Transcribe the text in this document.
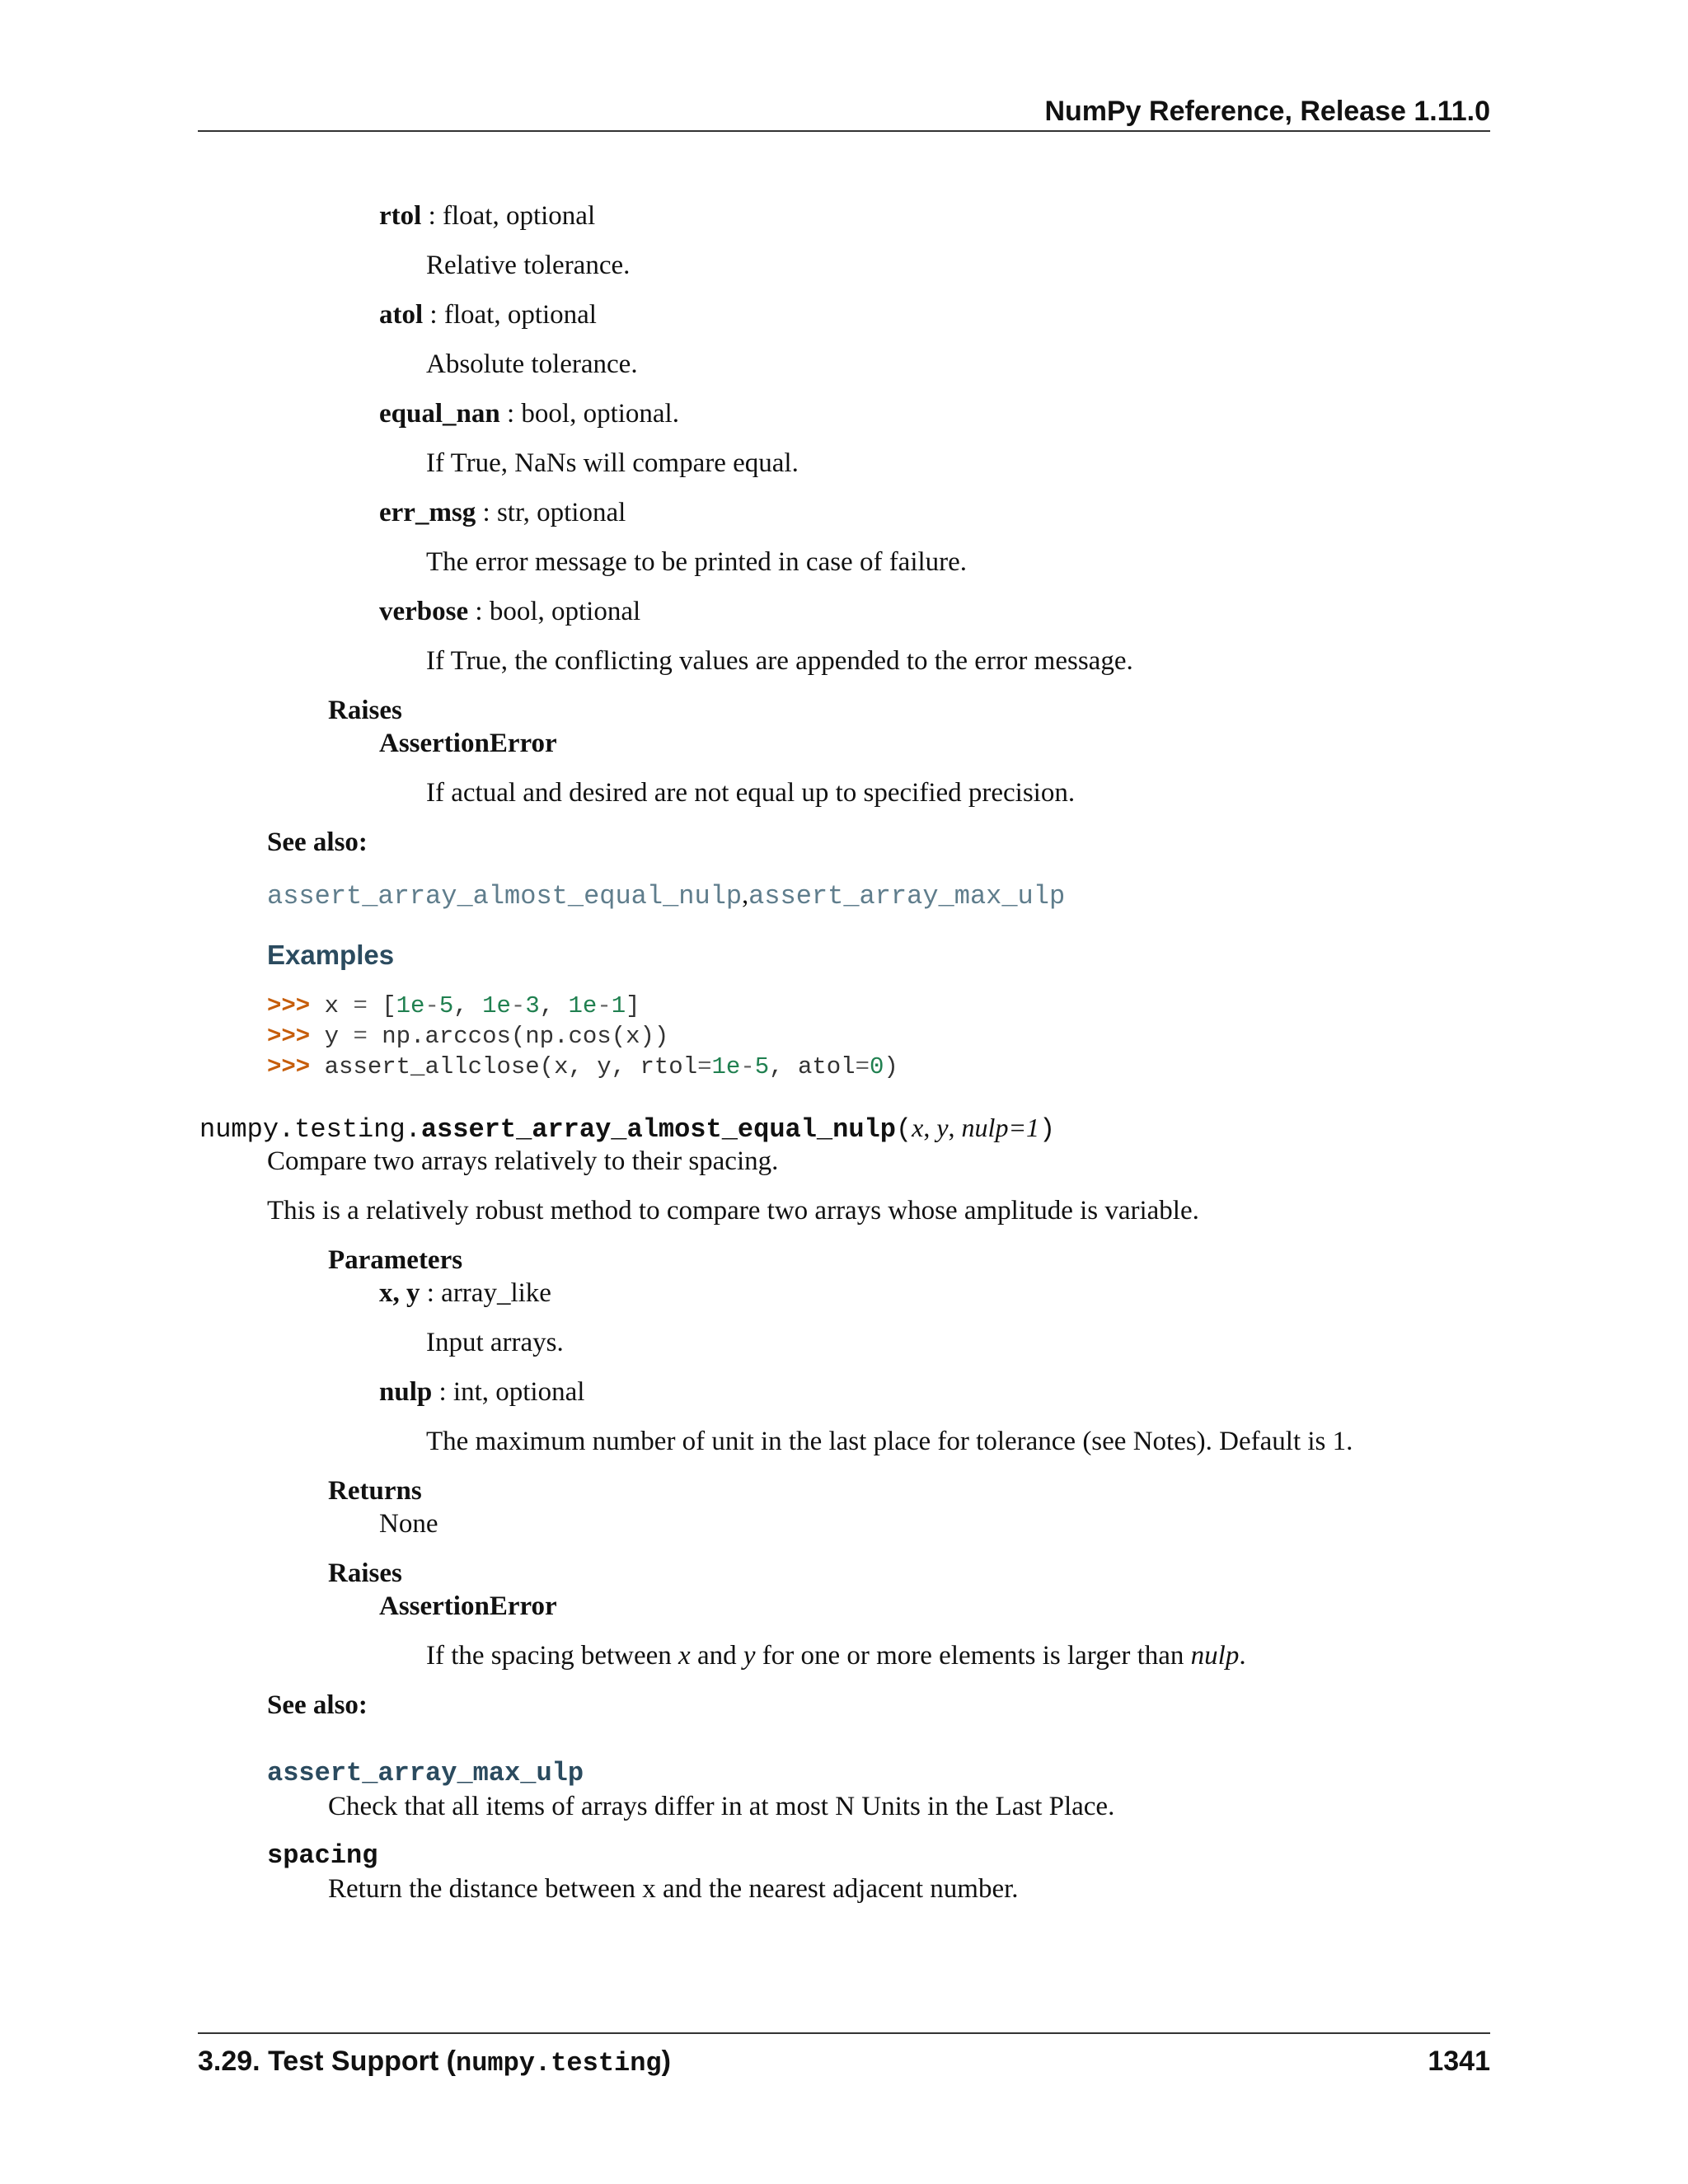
NumPy Reference, Release 1.11.0
rtol : float, optional
Relative tolerance.
atol : float, optional
Absolute tolerance.
equal_nan : bool, optional.
If True, NaNs will compare equal.
err_msg : str, optional
The error message to be printed in case of failure.
verbose : bool, optional
If True, the conflicting values are appended to the error message.
Raises
AssertionError
If actual and desired are not equal up to specified precision.
See also:
assert_array_almost_equal_nulp,assert_array_max_ulp
Examples
>>> x = [1e-5, 1e-3, 1e-1]
>>> y = np.arccos(np.cos(x))
>>> assert_allclose(x, y, rtol=1e-5, atol=0)
numpy.testing.assert_array_almost_equal_nulp(x, y, nulp=1)
Compare two arrays relatively to their spacing.
This is a relatively robust method to compare two arrays whose amplitude is variable.
Parameters
x, y : array_like
Input arrays.
nulp : int, optional
The maximum number of unit in the last place for tolerance (see Notes). Default is 1.
Returns
None
Raises
AssertionError
If the spacing between x and y for one or more elements is larger than nulp.
See also:
assert_array_max_ulp
Check that all items of arrays differ in at most N Units in the Last Place.
spacing
Return the distance between x and the nearest adjacent number.
3.29. Test Support (numpy.testing)	1341
